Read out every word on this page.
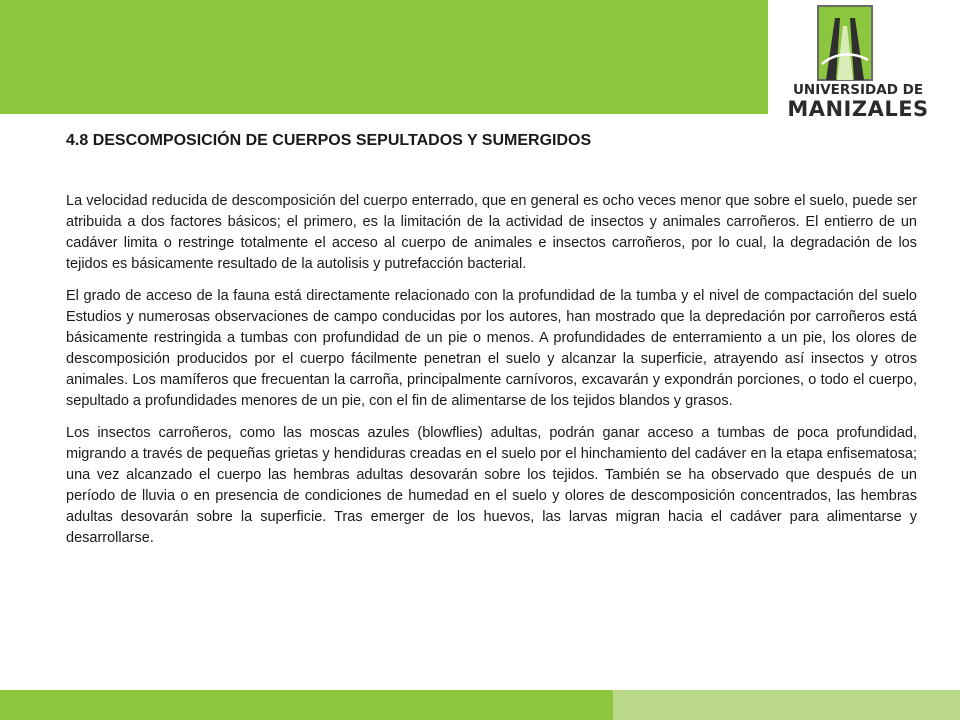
UNIVERSIDAD DE
MANIZALES
4.8 DESCOMPOSICIÓN DE CUERPOS SEPULTADOS Y SUMERGIDOS

La velocidad reducida de descomposición del cuerpo enterrado, que en general es ocho veces menor que sobre el suelo, puede ser atribuida a dos factores básicos; el primero, es la limitación de la actividad de insectos y animales carroñeros. El entierro de un cadáver limita o restringe totalmente el acceso al cuerpo de animales e insectos carroñeros, por lo cual, la degradación de los tejidos es básicamente resultado de la autolisis y putrefacción bacterial.

El grado de acceso de la fauna está directamente relacionado con la profundidad de la tumba y el nivel de compactación del suelo Estudios y numerosas observaciones de campo conducidas por los autores, han mostrado que la depredación por carroñeros está básicamente restringida a tumbas con profundidad de un pie o menos. A profundidades de enterramiento a un pie, los olores de descomposición producidos por el cuerpo fácilmente penetran el suelo y alcanzar la superficie, atrayendo así insectos y otros animales. Los mamíferos que frecuentan la carroña, principalmente carnívoros, excavarán y expondrán porciones, o todo el cuerpo, sepultado a profundidades menores de un pie, con el fin de alimentarse de los tejidos blandos y grasos.

Los insectos carroñeros, como las moscas azules (blowflies) adultas, podrán ganar acceso a tumbas de poca profundidad, migrando a través de pequeñas grietas y hendiduras creadas en el suelo por el hinchamiento del cadáver en la etapa enfisematosa; una vez alcanzado el cuerpo las hembras adultas desovarán sobre los tejidos. También se ha observado que después de un período de lluvia o en presencia de condiciones de humedad en el suelo y olores de descomposición concentrados, las hembras adultas desovarán sobre la superficie. Tras emerger de los huevos, las larvas migran hacia el cadáver para alimentarse y desarrollarse.
